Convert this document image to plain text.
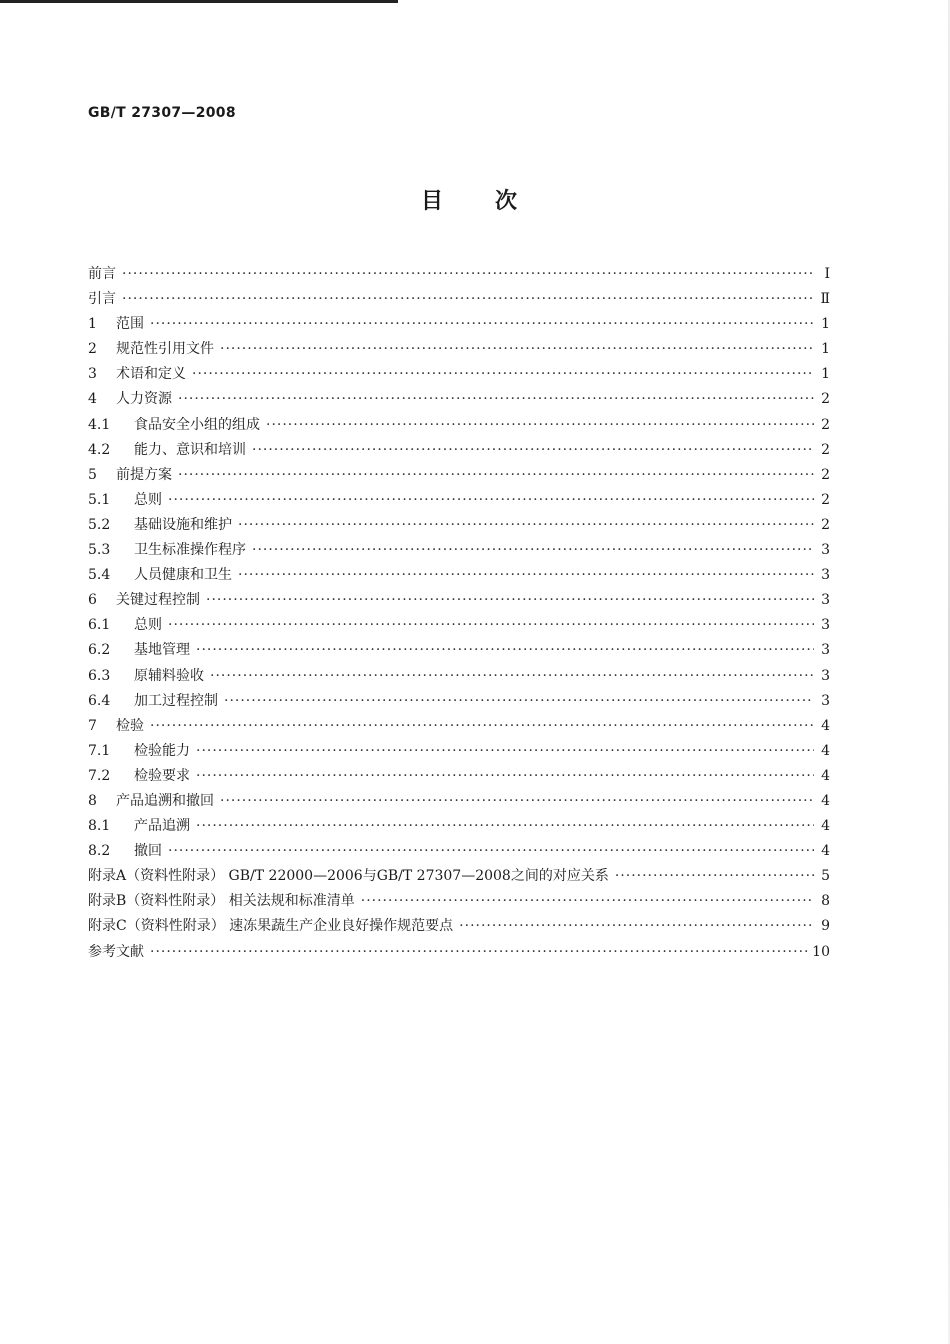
GB/T 27307—2008
目次
前言 ·····	Ⅰ
引言 ·····	Ⅱ
1	范围 ·····	1
2	规范性引用文件 ·····	1
3	术语和定义 ·····	1
4	人力资源 ·····	2
4.1	食品安全小组的组成 ·····	2
4.2	能力、意识和培训 ·····	2
5	前提方案 ·····	2
5.1	总则 ·····	2
5.2	基础设施和维护 ·····	2
5.3	卫生标准操作程序 ·····	3
5.4	人员健康和卫生 ·····	3
6	关键过程控制 ·····	3
6.1	总则 ·····	3
6.2	基地管理 ·····	3
6.3	原辅料验收 ·····	3
6.4	加工过程控制 ·····	3
7	检验 ·····	4
7.1	检验能力 ·····	4
7.2	检验要求 ·····	4
8	产品追溯和撤回 ·····	4
8.1	产品追溯 ·····	4
8.2	撤回 ·····	4
附录A（资料性附录） GB/T 22000—2006与GB/T 27307—2008之间的对应关系 ·····	5
附录B（资料性附录） 相关法规和标准清单 ·····	8
附录C（资料性附录） 速冻果蔬生产企业良好操作规范要点 ·····	9
参考文献 ·····	10
